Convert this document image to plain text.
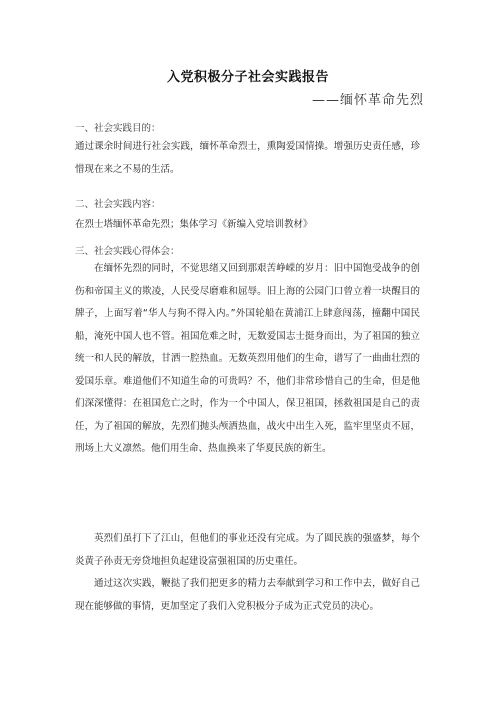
入党积极分子社会实践报告
——缅怀革命先烈
一、社会实践目的：
通过课余时间进行社会实践，缅怀革命烈士，熏陶爱国情操。增强历史责任感，珍惜现在来之不易的生活。
二、社会实践内容：
在烈士塔缅怀革命先烈；集体学习《新编入党培训教材》
三、社会实践心得体会：
在缅怀先烈的同时，不觉思绪又回到那艰苦峥嵘的岁月：旧中国饱受战争的创伤和帝国主义的欺凌，人民受尽磨难和屈辱。旧上海的公园门口曾立着一块醒目的牌子，上面写着“华人与狗不得入内。”外国轮船在黄浦江上肆意闯荡，撞翻中国民船，淹死中国人也不管。祖国危难之时，无数爱国志士挺身而出，为了祖国的独立统一和人民的解放，甘洒一腔热血。无数英烈用他们的生命，谱写了一曲曲壮烈的爱国乐章。难道他们不知道生命的可贵吗？不，他们非常珍惜自己的生命，但是他们深深懂得：在祖国危亡之时，作为一个中国人，保卫祖国，拯救祖国是自己的责任，为了祖国的解放，先烈们抛头颅洒热血，战火中出生入死，监牢里坚贞不屈，刑场上大义凛然。他们用生命、热血换来了华夏民族的新生。
英烈们虽打下了江山，但他们的事业还没有完成。为了圆民族的强盛梦，每个炎黄子孙责无旁贷地担负起建设富强祖国的历史重任。
通过这次实践，鞭挞了我们把更多的精力去奉献到学习和工作中去，做好自己现在能够做的事情，更加坚定了我们入党积极分子成为正式党员的决心。
